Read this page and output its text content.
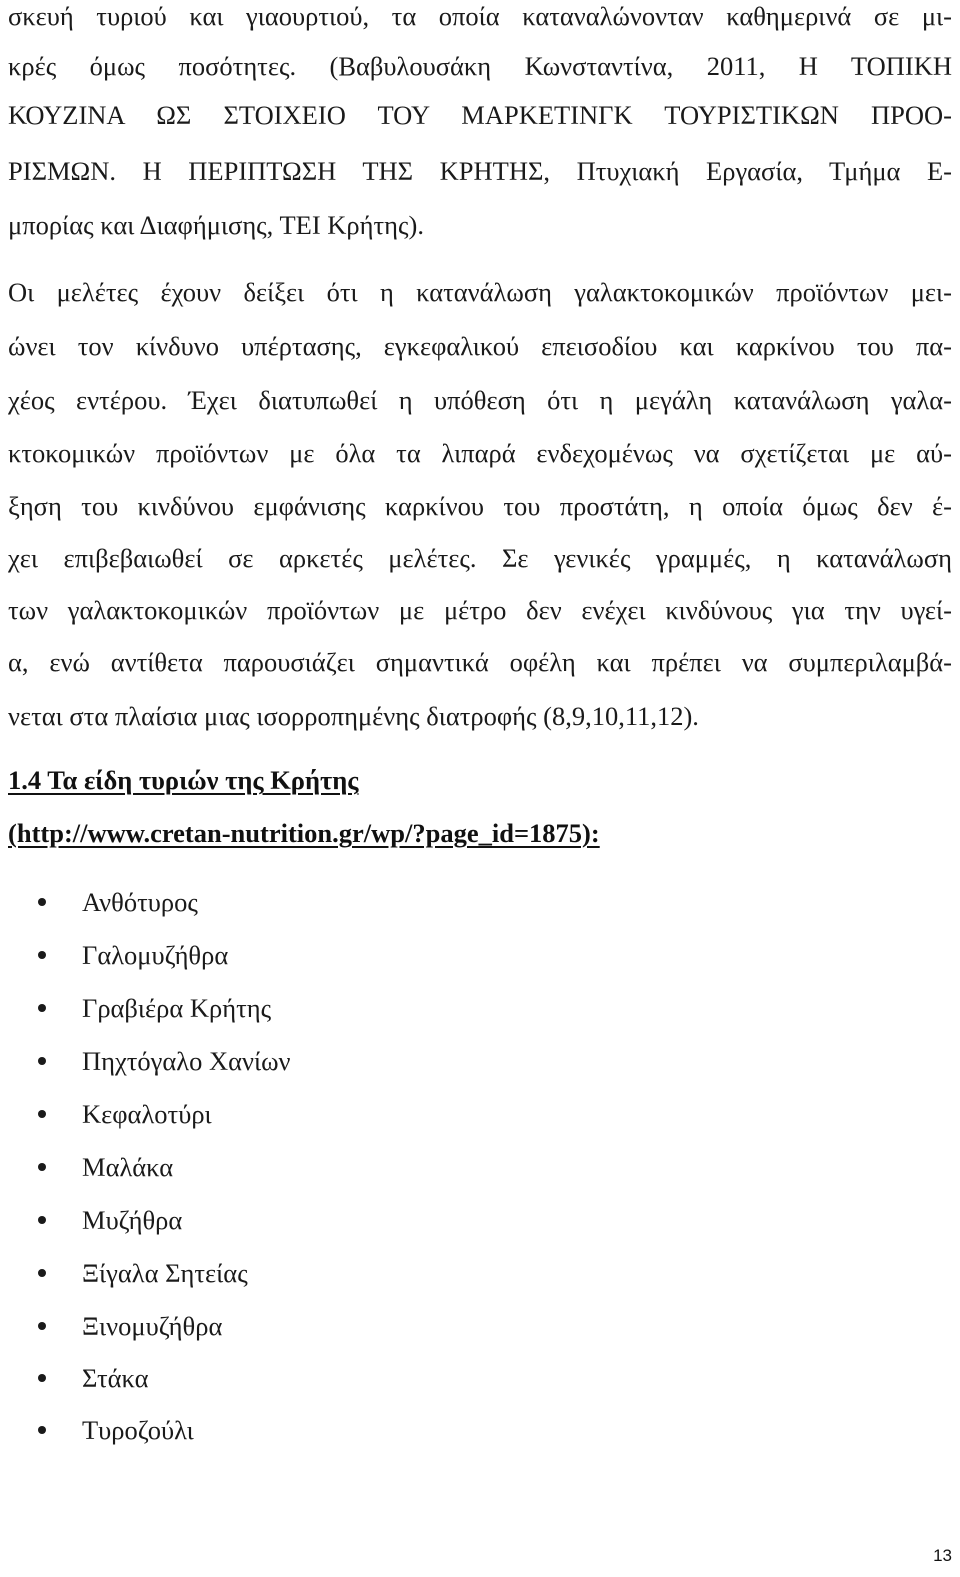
σκευή τυριού και γιαουρτιού, τα οποία καταναλώνονταν καθημερινά σε μι-
κρές όμως ποσότητες. (Βαβυλουσάκη Κωνσταντίνα, 2011, Η ΤΟΠΙΚΗ
ΚΟΥΖΙΝΑ ΩΣ ΣΤΟΙΧΕΙΟ ΤΟΥ ΜΑΡΚΕΤΙΝΓΚ ΤΟΥΡΙΣΤΙΚΩΝ ΠΡΟΟ-
ΡΙΣΜΩΝ. Η ΠΕΡΙΠΤΩΣΗ ΤΗΣ ΚΡΗΤΗΣ, Πτυχιακή Εργασία, Τμήμα Ε-
μπορίας και Διαφήμισης, ΤΕΙ Κρήτης).
Οι μελέτες έχουν δείξει ότι η κατανάλωση γαλακτοκομικών προϊόντων μει-
ώνει τον κίνδυνο υπέρτασης, εγκεφαλικού επεισοδίου και καρκίνου του πα-
χέος εντέρου. Έχει διατυπωθεί η υπόθεση ότι η μεγάλη κατανάλωση γαλα-
κτοκομικών προϊόντων με όλα τα λιπαρά ενδεχομένως να σχετίζεται με αύ-
ξηση του κινδύνου εμφάνισης καρκίνου του προστάτη, η οποία όμως δεν έ-
χει επιβεβαιωθεί σε αρκετές μελέτες. Σε γενικές γραμμές, η κατανάλωση
των γαλακτοκομικών προϊόντων με μέτρο δεν ενέχει κινδύνους για την υγεί-
α, ενώ αντίθετα παρουσιάζει σημαντικά οφέλη και πρέπει να συμπεριλαμβά-
νεται στα πλαίσια μιας ισορροπημένης διατροφής (8,9,10,11,12).
1.4 Τα είδη τυριών της Κρήτης
(http://www.cretan-nutrition.gr/wp/?page_id=1875):
Ανθότυρος
Γαλομυζήθρα
Γραβιέρα Κρήτης
Πηχτόγαλο Χανίων
Κεφαλοτύρι
Μαλάκα
Μυζήθρα
Ξίγαλα Σητείας
Ξινομυζήθρα
Στάκα
Τυροζούλι
13
